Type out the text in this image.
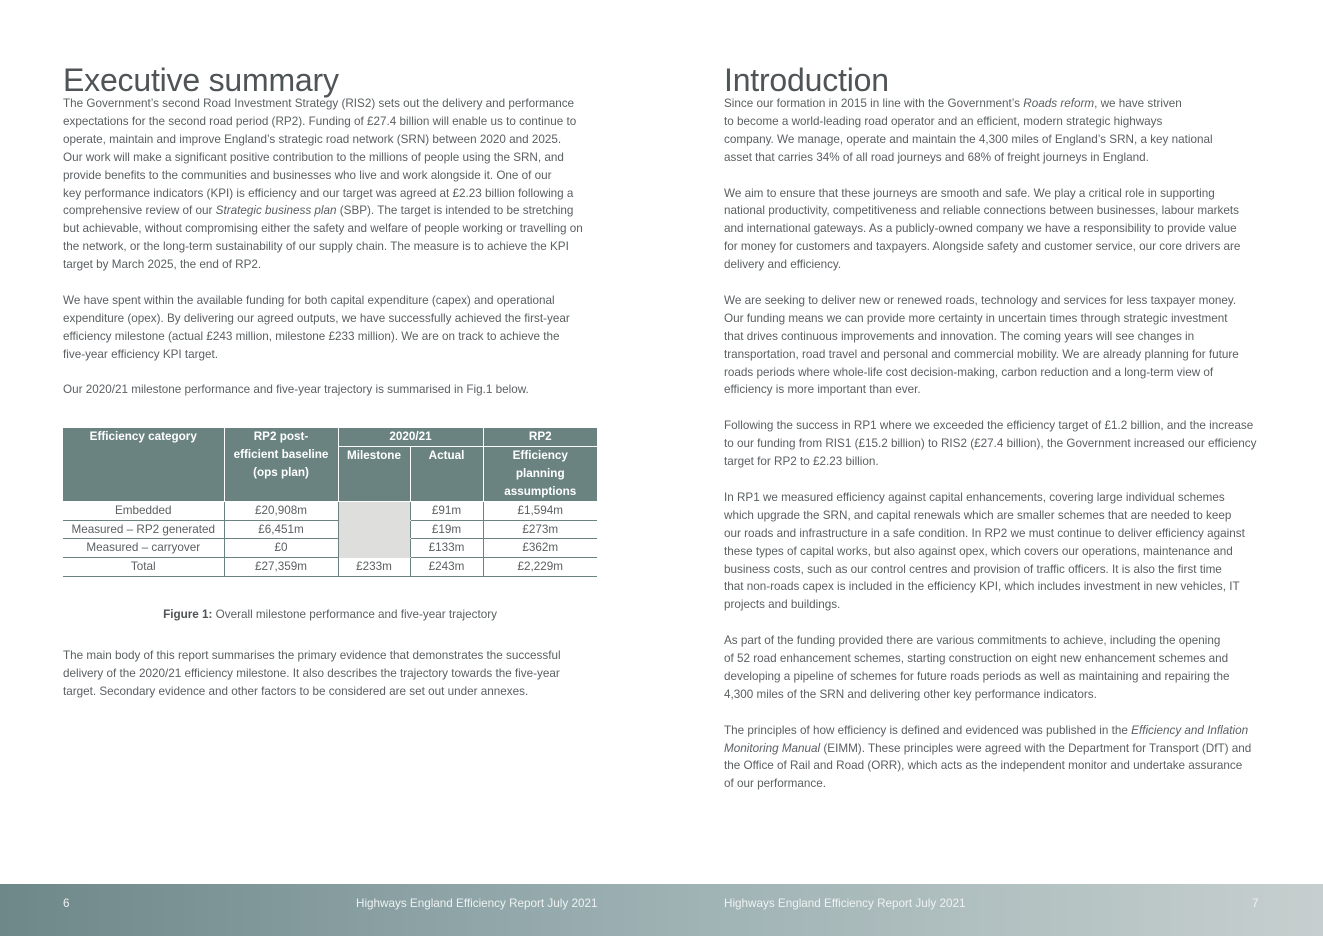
Executive summary

The Government’s second Road Investment Strategy (RIS2) sets out the delivery and performance
expectations for the second road period (RP2). Funding of £27.4 billion will enable us to continue to
operate, maintain and improve England’s strategic road network (SRN) between 2020 and 2025.
Our work will make a significant positive contribution to the millions of people using the SRN, and
provide benefits to the communities and businesses who live and work alongside it. One of our
key performance indicators (KPI) is efficiency and our target was agreed at £2.23 billion following a
comprehensive review of our Strategic business plan (SBP). The target is intended to be stretching
but achievable, without compromising either the safety and welfare of people working or travelling on
the network, or the long-term sustainability of our supply chain. The measure is to achieve the KPI
target by March 2025, the end of RP2.

We have spent within the available funding for both capital expenditure (capex) and operational
expenditure (opex). By delivering our agreed outputs, we have successfully achieved the first-year
efficiency milestone (actual £243 million, milestone £233 million). We are on track to achieve the
five-year efficiency KPI target.

Our 2020/21 milestone performance and five-year trajectory is summarised in Fig.1 below.

Efficiency category	RP2 post-
efficient baseline
(ops plan)	2020/21		RP2
		Milestone	Actual	Efficiency
planning
assumptions
Embedded	£20,908m		£91m	£1,594m
Measured – RP2 generated	£6,451m		£19m	£273m
Measured – carryover	£0		£133m	£362m
Total	£27,359m	£233m	£243m	£2,229m
Figure 1: Overall milestone performance and five-year trajectory
The main body of this report summarises the primary evidence that demonstrates the successful
delivery of the 2020/21 efficiency milestone. It also describes the trajectory towards the five-year
target. Secondary evidence and other factors to be considered are set out under annexes.
Introduction

Since our formation in 2015 in line with the Government’s Roads reform, we have striven
to become a world-leading road operator and an efficient, modern strategic highways
company. We manage, operate and maintain the 4,300 miles of England’s SRN, a key national
asset that carries 34% of all road journeys and 68% of freight journeys in England.

We aim to ensure that these journeys are smooth and safe. We play a critical role in supporting
national productivity, competitiveness and reliable connections between businesses, labour markets
and international gateways. As a publicly-owned company we have a responsibility to provide value
for money for customers and taxpayers. Alongside safety and customer service, our core drivers are
delivery and efficiency.

We are seeking to deliver new or renewed roads, technology and services for less taxpayer money.
Our funding means we can provide more certainty in uncertain times through strategic investment
that drives continuous improvements and innovation. The coming years will see changes in
transportation, road travel and personal and commercial mobility. We are already planning for future
roads periods where whole-life cost decision-making, carbon reduction and a long-term view of
efficiency is more important than ever.

Following the success in RP1 where we exceeded the efficiency target of £1.2 billion, and the increase
to our funding from RIS1 (£15.2 billion) to RIS2 (£27.4 billion), the Government increased our efficiency
target for RP2 to £2.23 billion.

In RP1 we measured efficiency against capital enhancements, covering large individual schemes
which upgrade the SRN, and capital renewals which are smaller schemes that are needed to keep
our roads and infrastructure in a safe condition. In RP2 we must continue to deliver efficiency against
these types of capital works, but also against opex, which covers our operations, maintenance and
business costs, such as our control centres and provision of traffic officers. It is also the first time
that non-roads capex is included in the efficiency KPI, which includes investment in new vehicles, IT
projects and buildings.

As part of the funding provided there are various commitments to achieve, including the opening
of 52 road enhancement schemes, starting construction on eight new enhancement schemes and
developing a pipeline of schemes for future roads periods as well as maintaining and repairing the
4,300 miles of the SRN and delivering other key performance indicators.

The principles of how efficiency is defined and evidenced was published in the Efficiency and Inflation
Monitoring Manual (EIMM). These principles were agreed with the Department for Transport (DfT) and
the Office of Rail and Road (ORR), which acts as the independent monitor and undertake assurance
of our performance.

6	Highways England Efficiency Report July 2021	Highways England Efficiency Report July 2021	7
